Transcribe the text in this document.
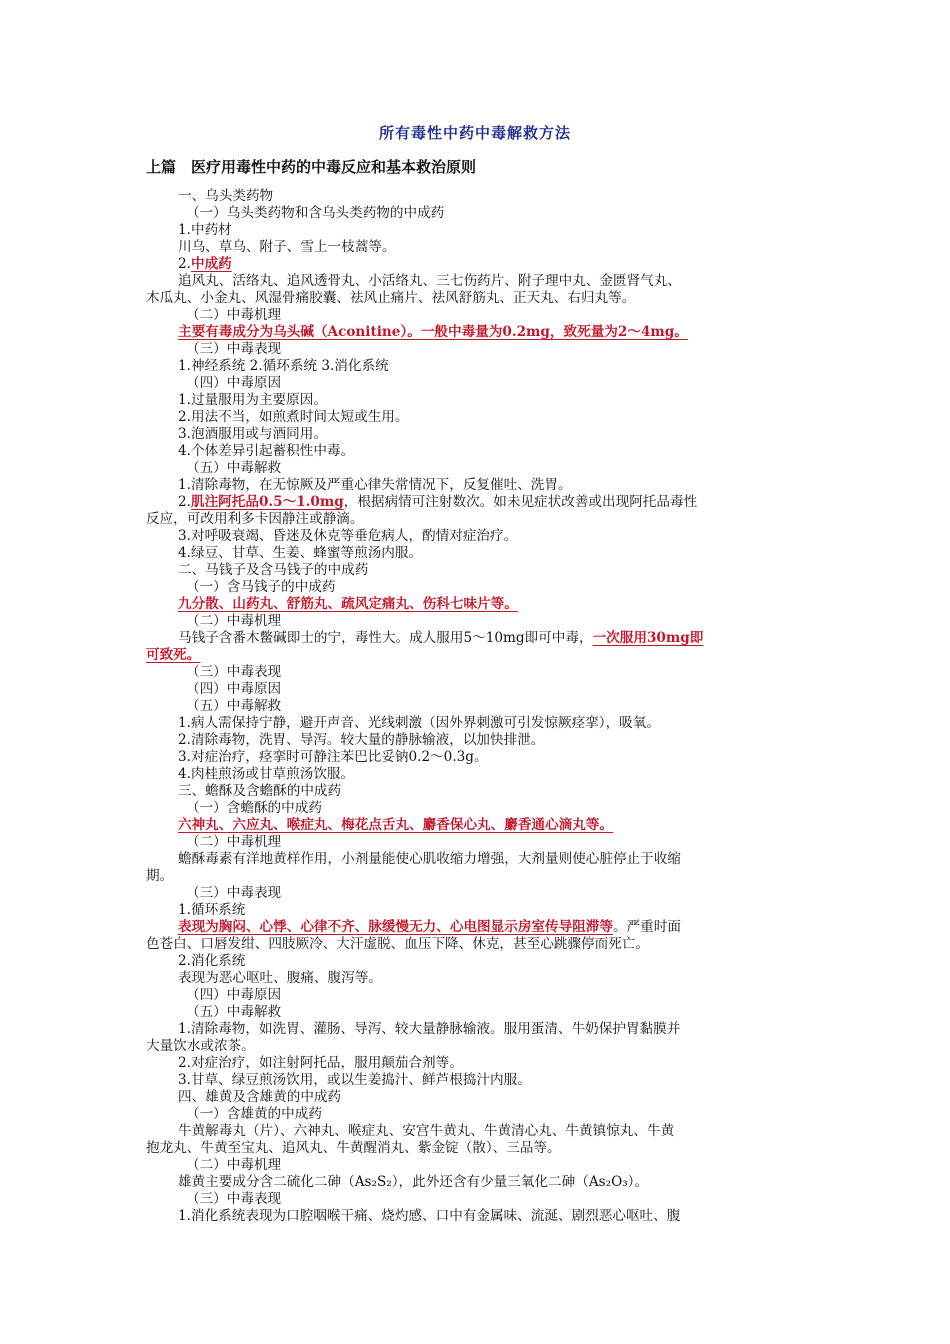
所有毒性中药中毒解救方法
上篇　医疗用毒性中药的中毒反应和基本救治原则
一、乌头类药物
（一）乌头类药物和含乌头类药物的中成药
1.中药材
川乌、草乌、附子、雪上一枝蒿等。
2.中成药
追风丸、活络丸、追风透骨丸、小活络丸、三七伤药片、附子理中丸、金匮肾气丸、
木瓜丸、小金丸、风湿骨痛胶囊、祛风止痛片、祛风舒筋丸、正天丸、右归丸等。
（二）中毒机理
主要有毒成分为乌头碱（Aconitine）。一般中毒量为0.2mg，致死量为2～4mg。
（三）中毒表现
1.神经系统 2.循环系统 3.消化系统
（四）中毒原因
1.过量服用为主要原因。
2.用法不当，如煎煮时间太短或生用。
3.泡酒服用或与酒同用。
4.个体差异引起蓄积性中毒。
（五）中毒解救
1.清除毒物，在无惊厥及严重心律失常情况下，反复催吐、洗胃。
2.肌注阿托品0.5～1.0mg，根据病情可注射数次。如未见症状改善或出现阿托品毒性
反应，可改用利多卡因静注或静滴。
3.对呼吸衰竭、昏迷及休克等垂危病人，酌情对症治疗。
4.绿豆、甘草、生姜、蜂蜜等煎汤内服。
二、马钱子及含马钱子的中成药
（一）含马钱子的中成药
九分散、山药丸、舒筋丸、疏风定痛丸、伤科七味片等。
（二）中毒机理
马钱子含番木鳖碱即士的宁，毒性大。成人服用5～10mg即可中毒，一次服用30mg即
可致死。
（三）中毒表现
（四）中毒原因
（五）中毒解救
1.病人需保持宁静，避开声音、光线刺激（因外界刺激可引发惊厥痉挛），吸氧。
2.清除毒物，洗胃、导泻。较大量的静脉输液，以加快排泄。
3.对症治疗，痉挛时可静注苯巴比妥钠0.2～0.3g。
4.肉桂煎汤或甘草煎汤饮服。
三、蟾酥及含蟾酥的中成药
（一）含蟾酥的中成药
六神丸、六应丸、喉症丸、梅花点舌丸、麝香保心丸、麝香通心滴丸等。
（二）中毒机理
蟾酥毒素有洋地黄样作用，小剂量能使心肌收缩力增强，大剂量则使心脏停止于收缩
期。
（三）中毒表现
1.循环系统
表现为胸闷、心悸、心律不齐、脉缓慢无力、心电图显示房室传导阻滞等。严重时面
色苍白、口唇发绀、四肢厥冷、大汗虚脱、血压下降、休克，甚至心跳骤停而死亡。
2.消化系统
表现为恶心呕吐、腹痛、腹泻等。
（四）中毒原因
（五）中毒解救
1.清除毒物，如洗胃、灌肠、导泻、较大量静脉输液。服用蛋清、牛奶保护胃黏膜并
大量饮水或浓茶。
2.对症治疗，如注射阿托品，服用颠茄合剂等。
3.甘草、绿豆煎汤饮用，或以生姜捣汁、鲜芦根捣汁内服。
四、雄黄及含雄黄的中成药
（一）含雄黄的中成药
牛黄解毒丸（片）、六神丸、喉症丸、安宫牛黄丸、牛黄清心丸、牛黄镇惊丸、牛黄
抱龙丸、牛黄至宝丸、追风丸、牛黄醒消丸、紫金锭（散）、三品等。
（二）中毒机理
雄黄主要成分含二硫化二砷（As₂S₂），此外还含有少量三氧化二砷（As₂O₃）。
（三）中毒表现
1.消化系统表现为口腔咽喉干痛、烧灼感、口中有金属味、流涎、剧烈恶心呕吐、腹
